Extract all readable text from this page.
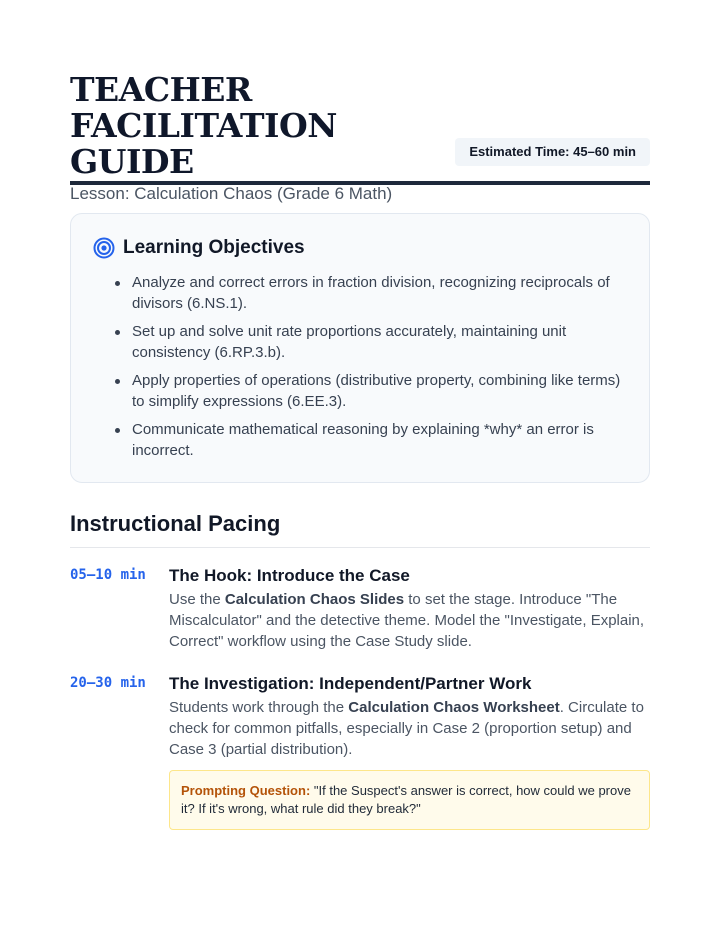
TEACHER FACILITATION GUIDE
Lesson: Calculation Chaos (Grade 6 Math)
Estimated Time: 45–60 min
Learning Objectives
Analyze and correct errors in fraction division, recognizing reciprocals of divisors (6.NS.1).
Set up and solve unit rate proportions accurately, maintaining unit consistency (6.RP.3.b).
Apply properties of operations (distributive property, combining like terms) to simplify expressions (6.EE.3).
Communicate mathematical reasoning by explaining *why* an error is incorrect.
Instructional Pacing
05–10 min	The Hook: Introduce the Case
Use the Calculation Chaos Slides to set the stage. Introduce "The Miscalculator" and the detective theme. Model the "Investigate, Explain, Correct" workflow using the Case Study slide.
20–30 min	The Investigation: Independent/Partner Work
Students work through the Calculation Chaos Worksheet. Circulate to check for common pitfalls, especially in Case 2 (proportion setup) and Case 3 (partial distribution).
Prompting Question: "If the Suspect's answer is correct, how could we prove it? If it's wrong, what rule did they break?"
